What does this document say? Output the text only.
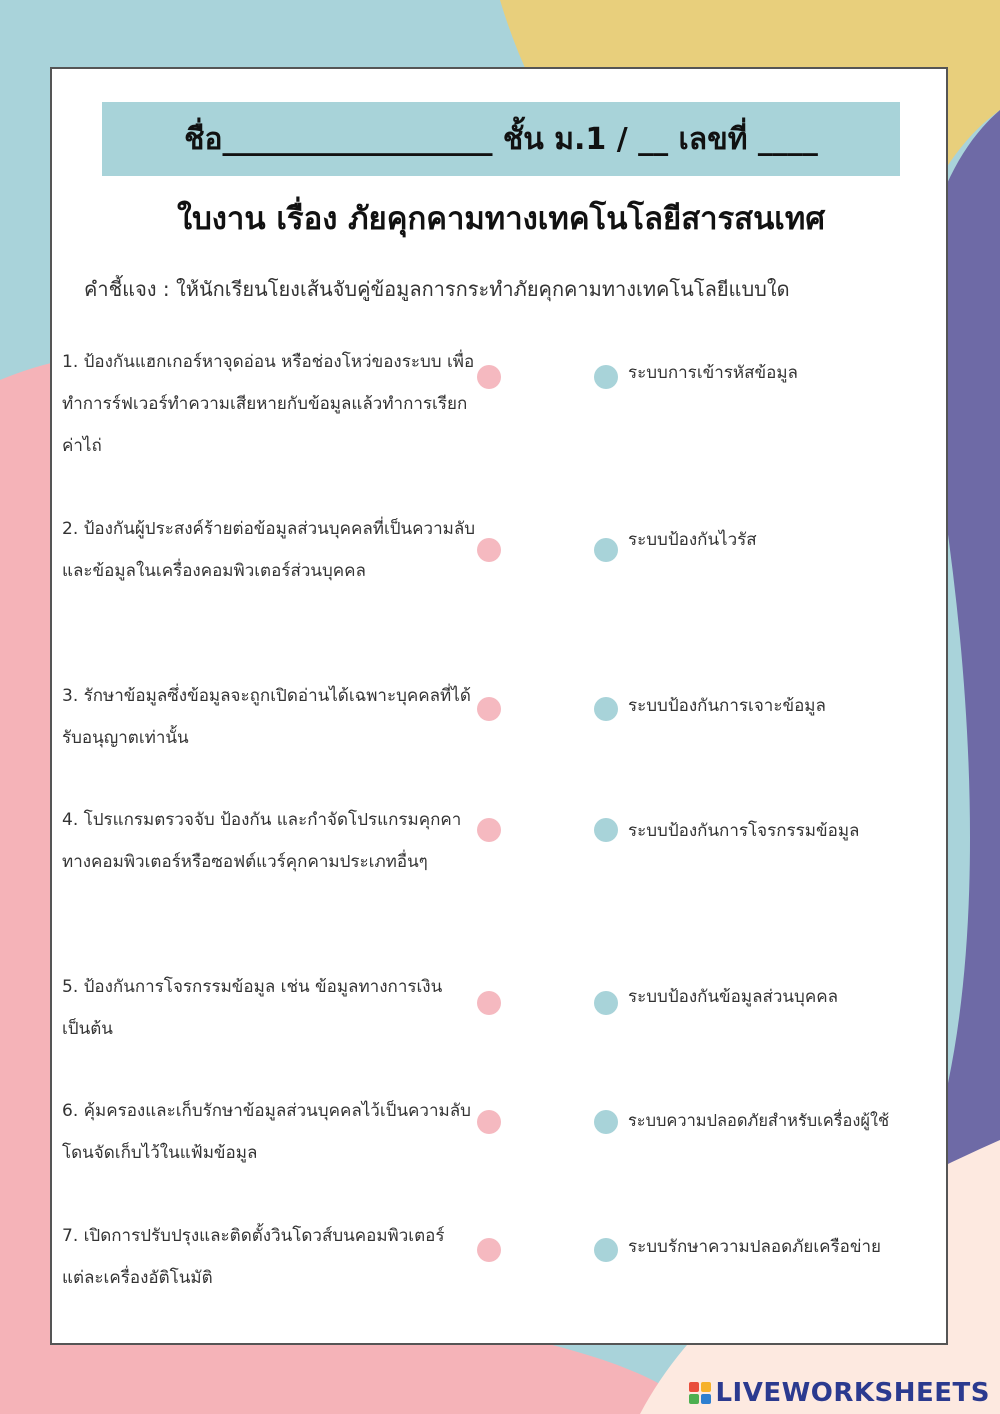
ชื่อ__________________ ชั้น ม.1 / __ เลขที่ ____
ใบงาน เรื่อง ภัยคุกคามทางเทคโนโลยีสารสนเทศ
คำชี้แจง : ให้นักเรียนโยงเส้นจับคู่ข้อมูลการกระทำภัยคุกคามทางเทคโนโลยีแบบใด
1. ป้องกันแฮกเกอร์หาจุดอ่อน หรือช่องโหว่ของระบบ เพื่อทำการร์ฟเวอร์ทำความเสียหายกับข้อมูลแล้วทำการเรียกค่าไถ่
2. ป้องกันผู้ประสงค์ร้ายต่อข้อมูลส่วนบุคคลที่เป็นความลับ และข้อมูลในเครื่องคอมพิวเตอร์ส่วนบุคคล
3. รักษาข้อมูลซึ่งข้อมูลจะถูกเปิดอ่านได้เฉพาะบุคคลที่ได้รับอนุญาตเท่านั้น
4. โปรแกรมตรวจจับ ป้องกัน และกำจัดโปรแกรมคุกคาทางคอมพิวเตอร์หรือซอฟต์แวร์คุกคามประเภทอื่นๆ
5. ป้องกันการโจรกรรมข้อมูล เช่น ข้อมูลทางการเงิน เป็นต้น
6. คุ้มครองและเก็บรักษาข้อมูลส่วนบุคคลไว้เป็นความลับ โดนจัดเก็บไว้ในแฟ้มข้อมูล
7. เปิดการปรับปรุงและติดตั้งวินโดวส์บนคอมพิวเตอร์แต่ละเครื่องอัติโนมัติ
ระบบการเข้ารหัสข้อมูล
ระบบป้องกันไวรัส
ระบบป้องกันการเจาะข้อมูล
ระบบป้องกันการโจรกรรมข้อมูล
ระบบป้องกันข้อมูลส่วนบุคคล
ระบบความปลอดภัยสำหรับเครื่องผู้ใช้
ระบบรักษาความปลอดภัยเครือข่าย
LIVEWORKSHEETS
